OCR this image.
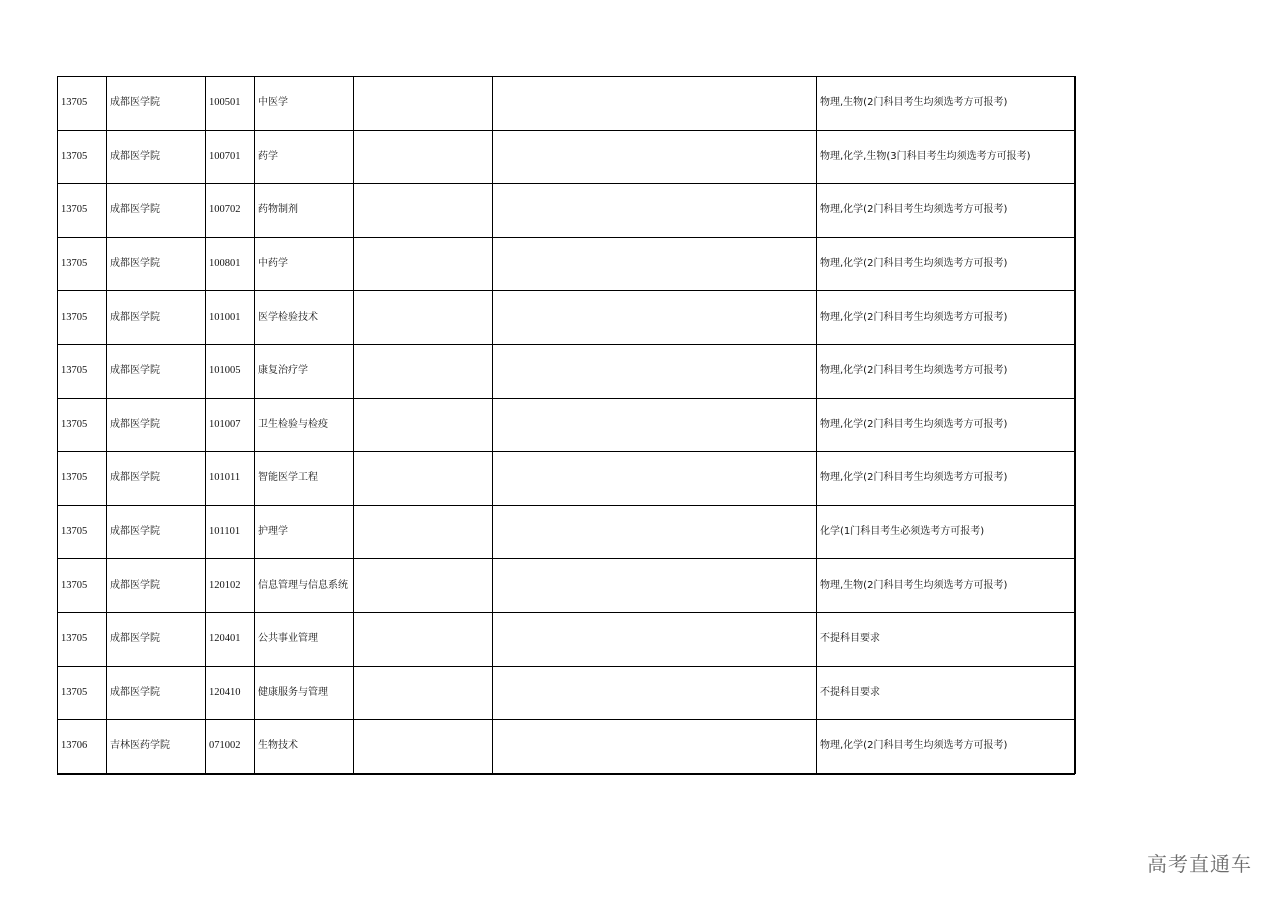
13705	成都医学院	100501	中医学			物理,生物(2门科目考生均须选考方可报考)
13705	成都医学院	100701	药学			物理,化学,生物(3门科目考生均须选考方可报考)
13705	成都医学院	100702	药物制剂			物理,化学(2门科目考生均须选考方可报考)
13705	成都医学院	100801	中药学			物理,化学(2门科目考生均须选考方可报考)
13705	成都医学院	101001	医学检验技术			物理,化学(2门科目考生均须选考方可报考)
13705	成都医学院	101005	康复治疗学			物理,化学(2门科目考生均须选考方可报考)
13705	成都医学院	101007	卫生检验与检疫			物理,化学(2门科目考生均须选考方可报考)
13705	成都医学院	101011	智能医学工程			物理,化学(2门科目考生均须选考方可报考)
13705	成都医学院	101101	护理学			化学(1门科目考生必须选考方可报考)
13705	成都医学院	120102	信息管理与信息系统			物理,生物(2门科目考生均须选考方可报考)
13705	成都医学院	120401	公共事业管理			不提科目要求
13705	成都医学院	120410	健康服务与管理			不提科目要求
13706	吉林医药学院	071002	生物技术			物理,化学(2门科目考生均须选考方可报考)
高考直通车
